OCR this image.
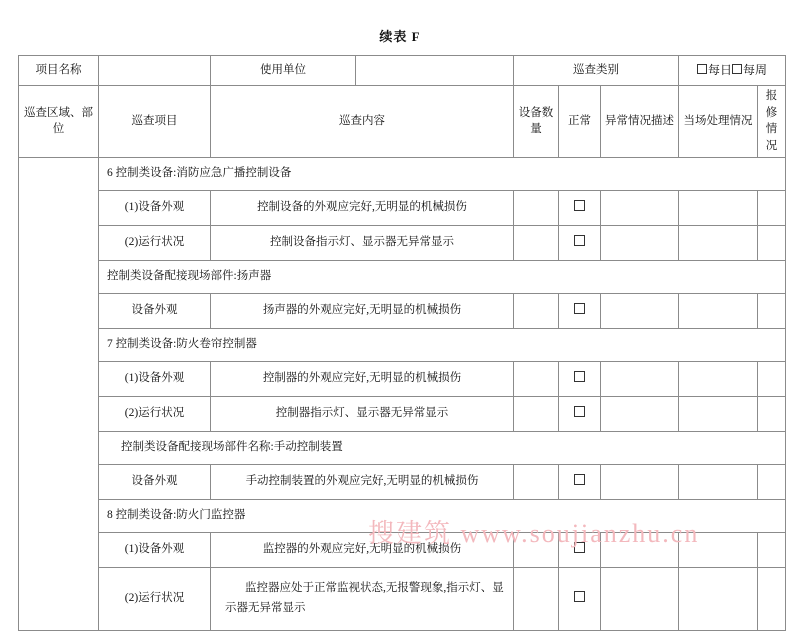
续表 F
项目名称		使用单位		巡查类别			每日 每周	
巡查区域、部位	巡查项目	巡查内容		设备数量	正常	异常情况描述	当场处理情况	报修情况
	6 控制类设备:消防应急广播控制设备							
	(1)设备外观	控制设备的外观应完好,无明显的机械损伤						
	(2)运行状况	控制设备指示灯、显示器无异常显示						
	控制类设备配接现场部件:扬声器							
	设备外观	扬声器的外观应完好,无明显的机械损伤						
	7 控制类设备:防火卷帘控制器							
	(1)设备外观	控制器的外观应完好,无明显的机械损伤						
	(2)运行状况	控制器指示灯、显示器无异常显示						
	控制类设备配接现场部件名称:手动控制装置							
	设备外观	手动控制装置的外观应完好,无明显的机械损伤						
	8 控制类设备:防火门监控器							
	(1)设备外观	监控器的外观应完好,无明显的机械损伤						
	(2)运行状况	监控器应处于正常监视状态,无报警现象,指示灯、显示器无异常显示						
搜建筑 www.soujianzhu.cn
